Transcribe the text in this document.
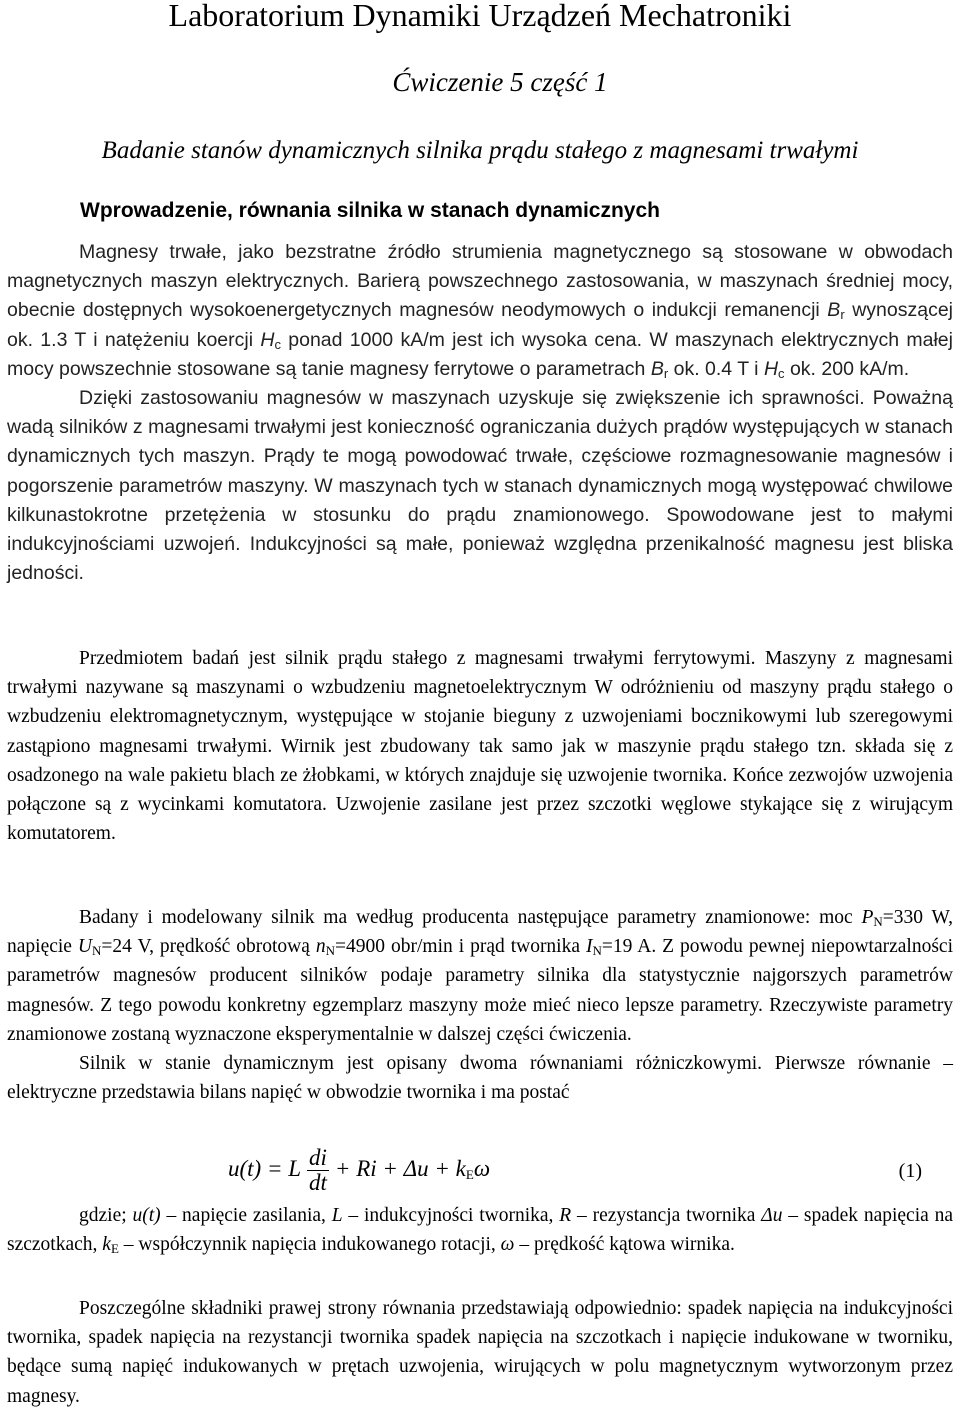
Laboratorium Dynamiki Urządzeń Mechatroniki
Ćwiczenie 5 część 1
Badanie stanów dynamicznych silnika prądu stałego z magnesami trwałymi
Wprowadzenie, równania silnika w stanach dynamicznych
Magnesy trwałe, jako bezstratne źródło strumienia magnetycznego są stosowane w obwodach magnetycznych maszyn elektrycznych. Barierą powszechnego zastosowania, w maszynach średniej mocy, obecnie dostępnych wysokoenergetycznych magnesów neodymowych o indukcji remanencji $B_r$ wynoszącej ok. 1.3 T i natężeniu koercji $H_c$ ponad 1000 kA/m jest ich wysoka cena. W maszynach elektrycznych małej mocy powszechnie stosowane są tanie magnesy ferrytowe o parametrach $B_r$ ok. 0.4 T i $H_c$ ok. 200 kA/m.
Dzięki zastosowaniu magnesów w maszynach uzyskuje się zwiększenie ich sprawności. Poważną wadą silników z magnesami trwałymi jest konieczność ograniczania dużych prądów występujących w stanach dynamicznych tych maszyn. Prądy te mogą powodować trwałe, częściowe rozmagnesowanie magnesów i pogorszenie parametrów maszyny. W maszynach tych w stanach dynamicznych mogą występować chwilowe kilkunastokrotne przetężenia w stosunku do prądu znamionowego. Spowodowane jest to małymi indukcyjnościami uzwojeń. Indukcyjności są małe, ponieważ względna przenikalność magnesu jest bliska jedności.
Przedmiotem badań jest silnik prądu stałego z magnesami trwałymi ferrytowymi. Maszyny z magnesami trwałymi nazywane są maszynami o wzbudzeniu magnetoelektrycznym W odróżnieniu od maszyny prądu stałego o wzbudzeniu elektromagnetycznym, występujące w stojanie bieguny z uzwojeniami bocznikowymi lub szeregowymi zastąpiono magnesami trwałymi. Wirnik jest zbudowany tak samo jak w maszynie prądu stałego tzn. składa się z osadzonego na wale pakietu blach ze żłobkami, w których znajduje się uzwojenie twornika. Końce zezwojów uzwojenia połączone są z wycinkami komutatora. Uzwojenie zasilane jest przez szczotki węglowe stykające się z wirującym komutatorem.
Badany i modelowany silnik ma według producenta następujące parametry znamionowe: moc $P_N=330$ W, napięcie $U_N=24$ V, prędkość obrotową $n_N=4900$ obr/min i prąd twornika $I_N=19$ A. Z powodu pewnej niepowtarzalności parametrów magnesów producent silników podaje parametry silnika dla statystycznie najgorszych parametrów magnesów. Z tego powodu konkretny egzemplarz maszyny może mieć nieco lepsze parametry. Rzeczywiste parametry znamionowe zostaną wyznaczone eksperymentalnie w dalszej części ćwiczenia.
Silnik w stanie dynamicznym jest opisany dwoma równaniami różniczkowymi. Pierwsze równanie – elektryczne przedstawia bilans napięć w obwodzie twornika i ma postać
u(t) = L $\frac{di}{dt} + Ri + \Delta u + k_E\omega$	(1)
gdzie; u(t) – napięcie zasilania, L – indukcyjności twornika, R – rezystancja twornika Δu – spadek napięcia na szczotkach, $k_E$ – współczynnik napięcia indukowanego rotacji, ω – prędkość kątowa wirnika.
Poszczególne składniki prawej strony równania przedstawiają odpowiednio: spadek napięcia na indukcyjności twornika, spadek napięcia na rezystancji twornika spadek napięcia na szczotkach i napięcie indukowane w tworniku, będące sumą napięć indukowanych w prętach uzwojenia, wirujących w polu magnetycznym wytworzonym przez magnesy.
